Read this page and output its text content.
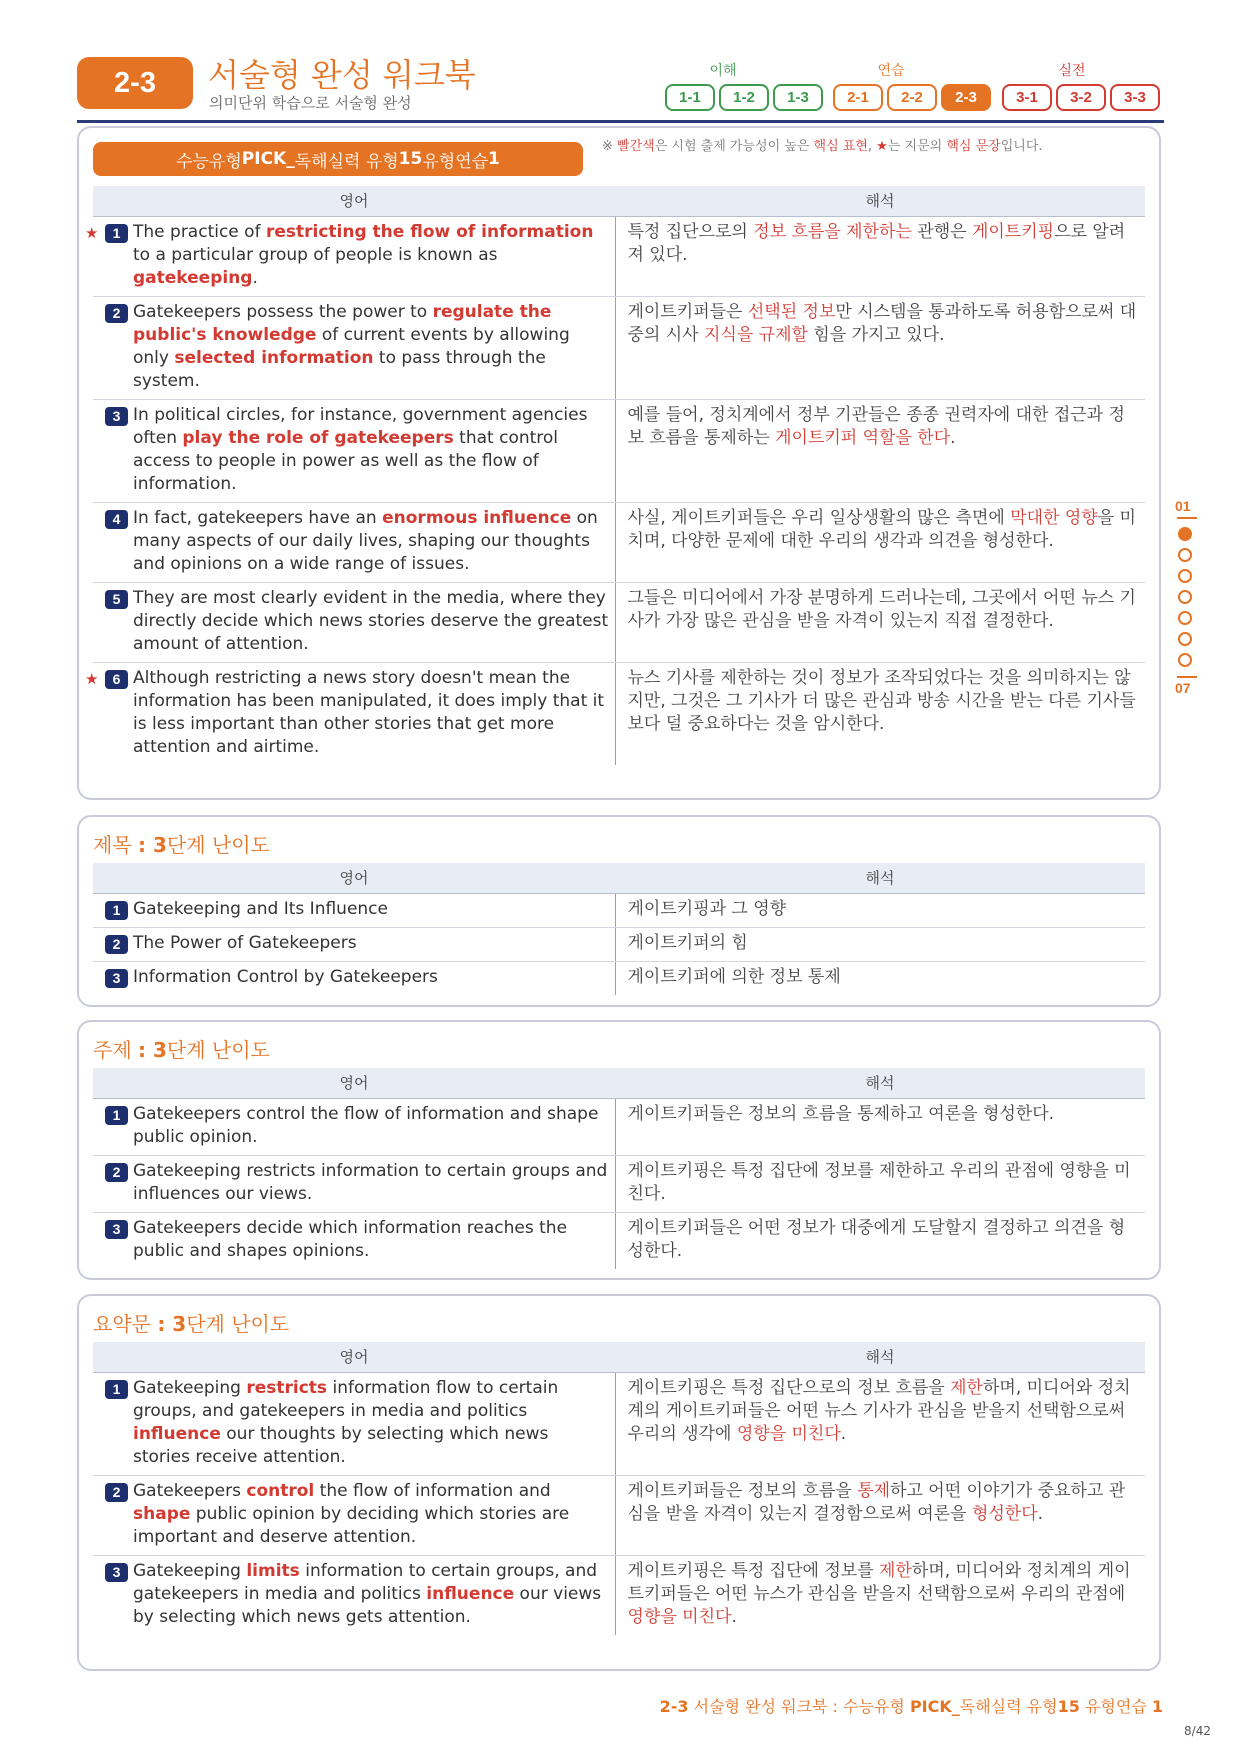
2-3	서술형 완성 워크북
의미단위 학습으로 서술형 완성
이해	연습	실전
1-1	1-2	1-3	2-1	2-2	2-3	3-1	3-2	3-3
수능유형 PICK_ 독해실력 유형 15 유형연습 1
※ 빨간색은 시험 출제 가능성이 높은 핵심 표현, ★는 지문의 핵심 문장입니다.
영어	해석

★ 1 The practice of restricting the flow of information to a particular group of people is known as gatekeeping.	특정 집단으로의 정보 흐름을 제한하는 관행은 게이트키핑으로 알려져 있다.

2 Gatekeepers possess the power to regulate the public's knowledge of current events by allowing only selected information to pass through the system.	게이트키퍼들은 선택된 정보만 시스템을 통과하도록 허용함으로써 대중의 시사 지식을 규제할 힘을 가지고 있다.

3 In political circles, for instance, government agencies often play the role of gatekeepers that control access to people in power as well as the flow of information.	예를 들어, 정치계에서 정부 기관들은 종종 권력자에 대한 접근과 정보 흐름을 통제하는 게이트키퍼 역할을 한다.

4 In fact, gatekeepers have an enormous influence on many aspects of our daily lives, shaping our thoughts and opinions on a wide range of issues.	사실, 게이트키퍼들은 우리 일상생활의 많은 측면에 막대한 영향을 미치며, 다양한 문제에 대한 우리의 생각과 의견을 형성한다.

5 They are most clearly evident in the media, where they directly decide which news stories deserve the greatest amount of attention.	그들은 미디어에서 가장 분명하게 드러나는데, 그곳에서 어떤 뉴스 기사가 가장 많은 관심을 받을 자격이 있는지 직접 결정한다.

★ 6 Although restricting a news story doesn't mean the information has been manipulated, it does imply that it is less important than other stories that get more attention and airtime.	뉴스 기사를 제한하는 것이 정보가 조작되었다는 것을 의미하지는 않지만, 그것은 그 기사가 더 많은 관심과 방송 시간을 받는 다른 기사들보다 덜 중요하다는 것을 암시한다.
제목 : 3단계 난이도
영어	해석

1 Gatekeeping and Its Influence	게이트키핑과 그 영향

2 The Power of Gatekeepers	게이트키퍼의 힘

3 Information Control by Gatekeepers	게이트키퍼에 의한 정보 통제
주제 : 3단계 난이도
영어	해석

1 Gatekeepers control the flow of information and shape public opinion.	게이트키퍼들은 정보의 흐름을 통제하고 여론을 형성한다.

2 Gatekeeping restricts information to certain groups and influences our views.	게이트키핑은 특정 집단에 정보를 제한하고 우리의 관점에 영향을 미친다.

3 Gatekeepers decide which information reaches the public and shapes opinions.	게이트키퍼들은 어떤 정보가 대중에게 도달할지 결정하고 의견을 형성한다.
요약문 : 3단계 난이도
영어	해석

1 Gatekeeping restricts information flow to certain groups, and gatekeepers in media and politics influence our thoughts by selecting which news stories receive attention.	게이트키핑은 특정 집단으로의 정보 흐름을 제한하며, 미디어와 정치계의 게이트키퍼들은 어떤 뉴스 기사가 관심을 받을지 선택함으로써 우리의 생각에 영향을 미친다.

2 Gatekeepers control the flow of information and shape public opinion by deciding which stories are important and deserve attention.	게이트키퍼들은 정보의 흐름을 통제하고 어떤 이야기가 중요하고 관심을 받을 자격이 있는지 결정함으로써 여론을 형성한다.

3 Gatekeeping limits information to certain groups, and gatekeepers in media and politics influence our views by selecting which news gets attention.	게이트키핑은 특정 집단에 정보를 제한하며, 미디어와 정치계의 게이트키퍼들은 어떤 뉴스가 관심을 받을지 선택함으로써 우리의 관점에 영향을 미친다.
01
07
2-3 서술형 완성 워크북 : 수능유형 PICK_독해실력 유형15 유형연습 1
8/42
